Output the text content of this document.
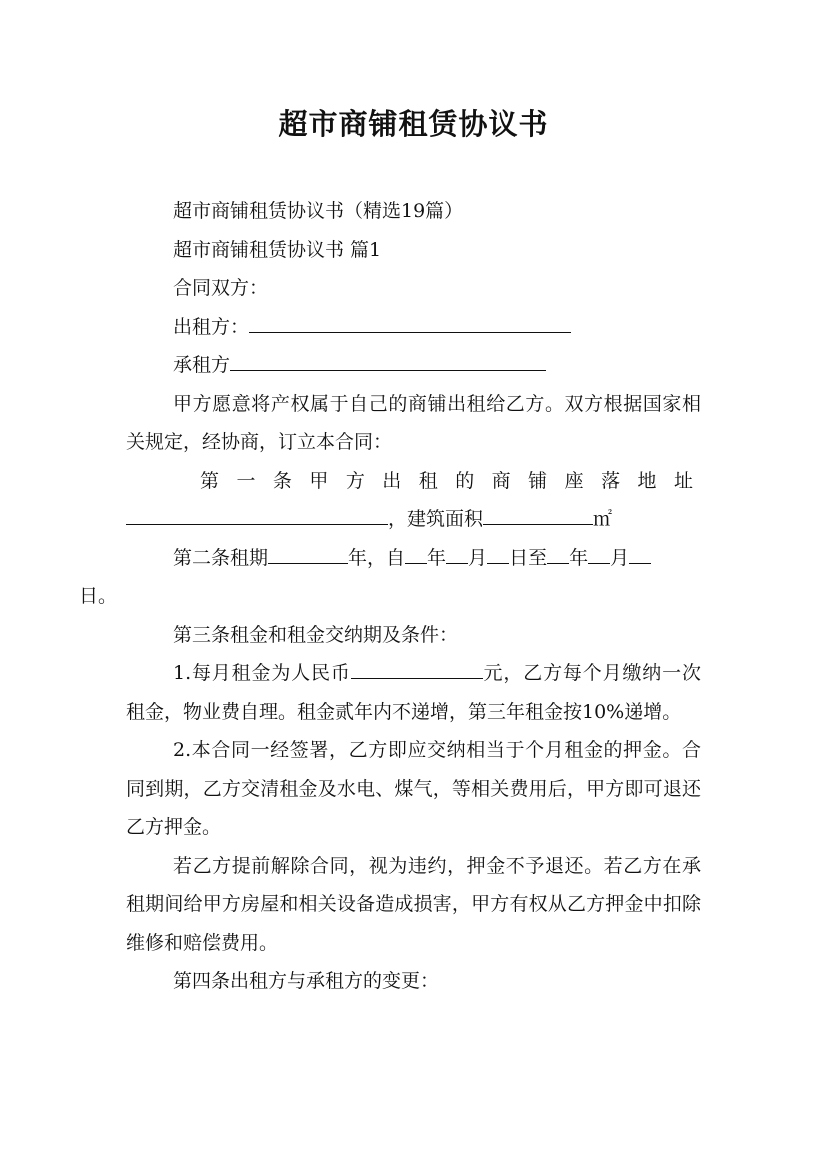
超市商铺租赁协议书

超市商铺租赁协议书（精选19篇）

超市商铺租赁协议书 篇1

合同双方：

出租方：

承租方

甲方愿意将产权属于自己的商铺出租给乙方。双方根据国家相关规定，经协商，订立本合同：

第一条甲方出租的商铺座落地址

，建筑面积	㎡

第二条租期	年，自 年 月 日至 年 月
日。

第三条租金和租金交纳期及条件：

1.每月租金为人民币	元，乙方每个月缴纳一次租金，物业费自理。租金贰年内不递增，第三年租金按10%递增。

2.本合同一经签署，乙方即应交纳相当于个月租金的押金。合同到期，乙方交清租金及水电、煤气，等相关费用后，甲方即可退还乙方押金。

若乙方提前解除合同，视为违约，押金不予退还。若乙方在承租期间给甲方房屋和相关设备造成损害，甲方有权从乙方押金中扣除维修和赔偿费用。

第四条出租方与承租方的变更：
